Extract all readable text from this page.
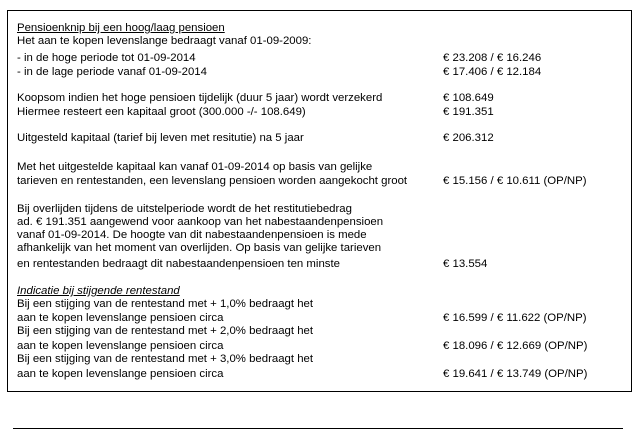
Pensioenknip bij een hoog/laag pensioen
Het aan te kopen levenslange bedraagt vanaf 01-09-2009:
- in de hoge periode tot 01-09-2014	€ 23.208 / € 16.246
- in de lage periode vanaf 01-09-2014	€ 17.406 / € 12.184
Koopsom indien het hoge pensioen tijdelijk (duur 5 jaar) wordt verzekerd	€ 108.649
Hiermee resteert een kapitaal groot (300.000 -/- 108.649)	€ 191.351
Uitgesteld kapitaal (tarief bij leven met resitutie) na 5 jaar	€ 206.312
Met het uitgestelde kapitaal kan vanaf 01-09-2014 op basis van gelijke
tarieven en rentestanden, een levenslang pensioen worden aangekocht groot	€ 15.156 / € 10.611 (OP/NP)
Bij overlijden tijdens de uitstelperiode wordt de het restitutiebedrag
ad. € 191.351 aangewend voor aankoop van het nabestaandenpensioen
vanaf 01-09-2014. De hoogte van dit nabestaandenpensioen is mede
afhankelijk van het moment van overlijden. Op basis van gelijke tarieven
en rentestanden bedraagt dit nabestaandenpensioen ten minste	€ 13.554
Indicatie bij stijgende rentestand
Bij een stijging van de rentestand met + 1,0% bedraagt het
aan te kopen levenslange pensioen circa	€ 16.599 / € 11.622 (OP/NP)
Bij een stijging van de rentestand met + 2,0% bedraagt het
aan te kopen levenslange pensioen circa	€ 18.096 / € 12.669 (OP/NP)
Bij een stijging van de rentestand met + 3,0% bedraagt het
aan te kopen levenslange pensioen circa	€ 19.641 / € 13.749 (OP/NP)
